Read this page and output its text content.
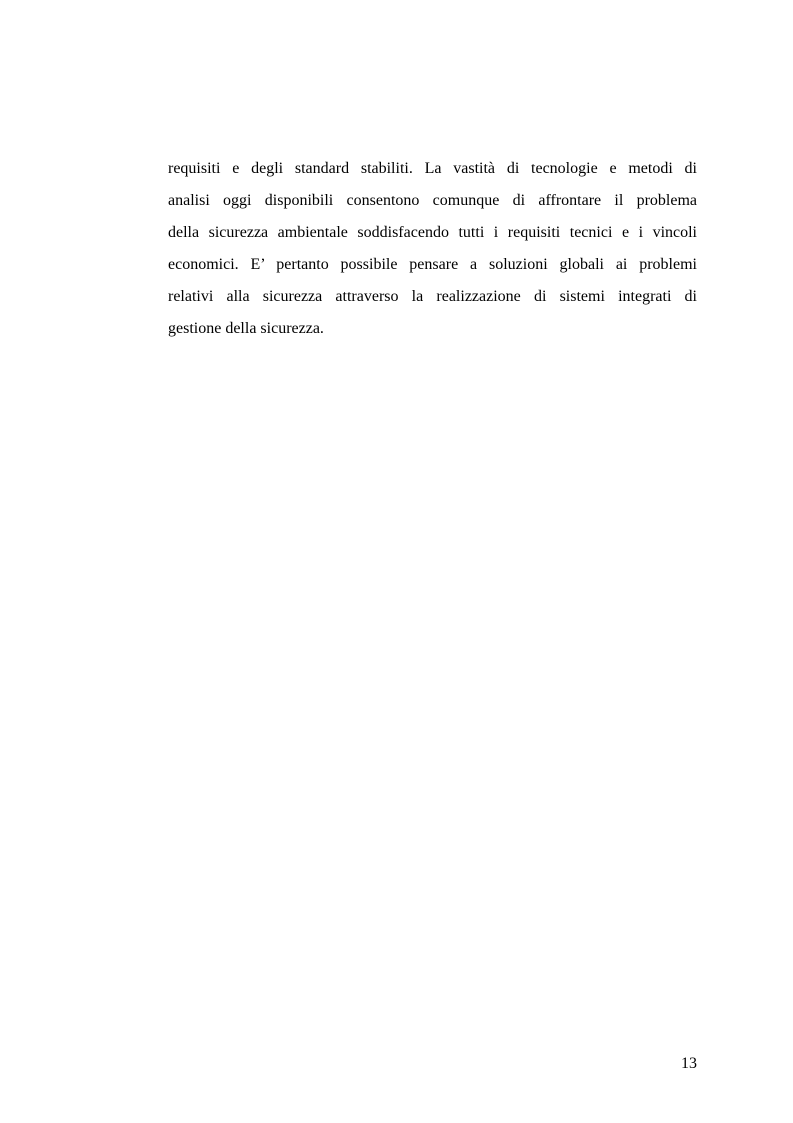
requisiti e degli standard stabiliti. La vastità di tecnologie e metodi di
analisi oggi disponibili consentono comunque di affrontare il problema
della sicurezza ambientale soddisfacendo tutti i requisiti tecnici e i vincoli
economici. E’ pertanto possibile pensare a soluzioni globali ai problemi
relativi alla sicurezza attraverso la realizzazione di sistemi integrati di
gestione della sicurezza.

13
